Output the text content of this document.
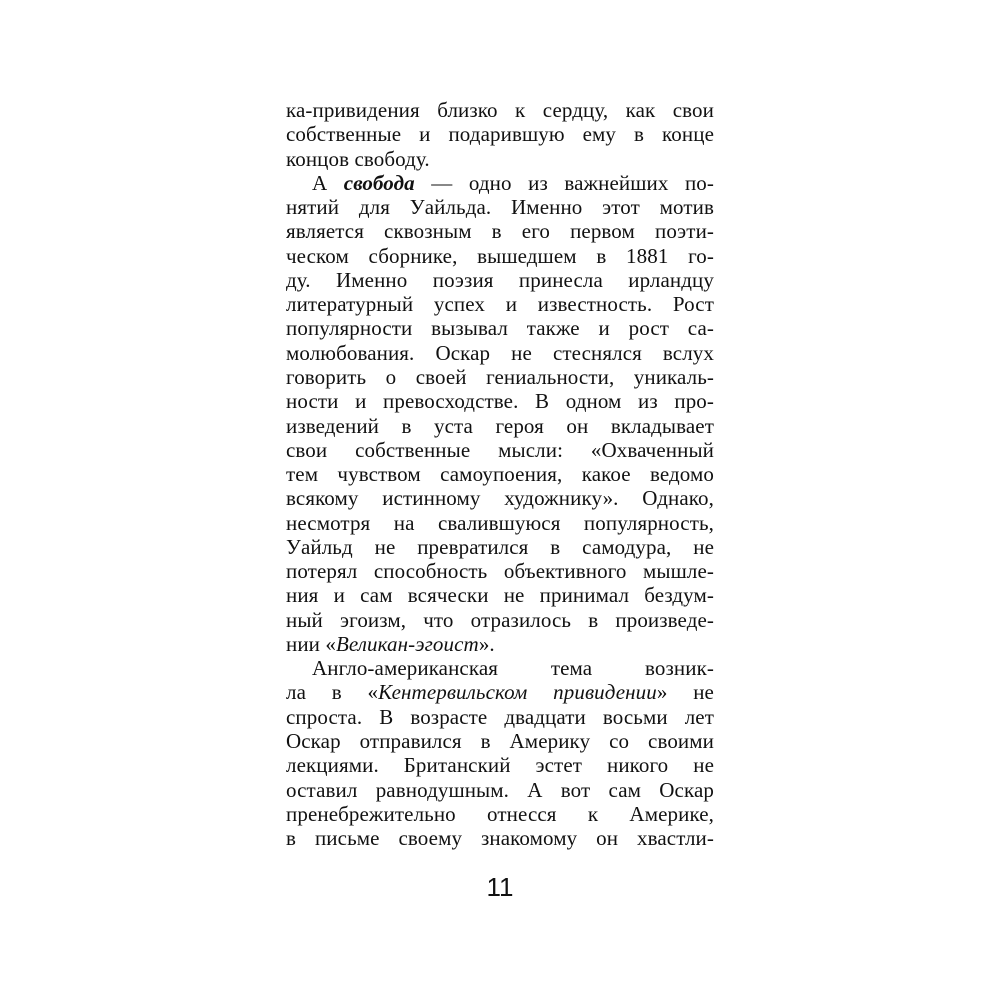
ка-привидения близко к сердцу, как свои
собственные и подарившую ему в конце
концов свободу.
А свобода — одно из важнейших по-
нятий для Уайльда. Именно этот мотив
является сквозным в его первом поэти-
ческом сборнике, вышедшем в 1881 го-
ду. Именно поэзия принесла ирландцу
литературный успех и известность. Рост
популярности вызывал также и рост са-
молюбования. Оскар не стеснялся вслух
говорить о своей гениальности, уникаль-
ности и превосходстве. В одном из про-
изведений в уста героя он вкладывает
свои собственные мысли: «Охваченный
тем чувством самоупоения, какое ведомо
всякому истинному художнику». Однако,
несмотря на свалившуюся популярность,
Уайльд не превратился в самодура, не
потерял способность объективного мышле-
ния и сам всячески не принимал бездум-
ный эгоизм, что отразилось в произведе-
нии «Великан-эгоист».
Англо-американская тема возник-
ла в «Кентервильском привидении» не
спроста. В возрасте двадцати восьми лет
Оскар отправился в Америку со своими
лекциями. Британский эстет никого не
оставил равнодушным. А вот сам Оскар
пренебрежительно отнесся к Америке,
в письме своему знакомому он хвастли-
11
